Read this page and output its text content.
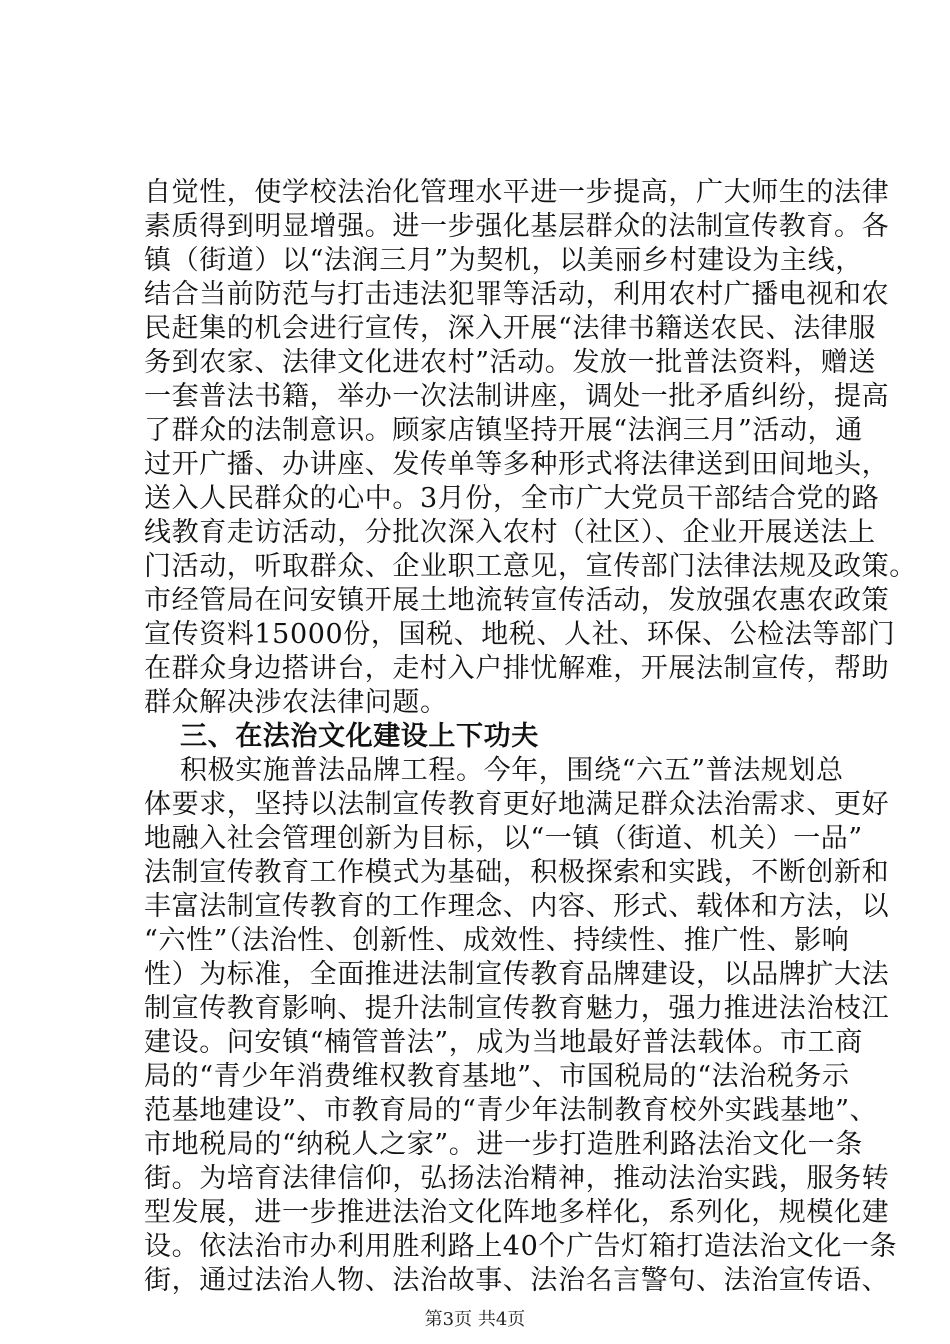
自觉性，使学校法治化管理水平进一步提高，广大师生的法律
素质得到明显增强。进一步强化基层群众的法制宣传教育。各
镇（街道）以“法润三月”为契机，以美丽乡村建设为主线，
结合当前防范与打击违法犯罪等活动，利用农村广播电视和农
民赶集的机会进行宣传，深入开展“法律书籍送农民、法律服
务到农家、法律文化进农村”活动。发放一批普法资料，赠送
一套普法书籍，举办一次法制讲座，调处一批矛盾纠纷，提高
了群众的法制意识。顾家店镇坚持开展“法润三月”活动，通
过开广播、办讲座、发传单等多种形式将法律送到田间地头，
送入人民群众的心中。3月份，全市广大党员干部结合党的路
线教育走访活动，分批次深入农村（社区）、企业开展送法上
门活动，听取群众、企业职工意见，宣传部门法律法规及政策。
市经管局在问安镇开展土地流转宣传活动，发放强农惠农政策
宣传资料15000份，国税、地税、人社、环保、公检法等部门
在群众身边搭讲台，走村入户排忧解难，开展法制宣传，帮助
群众解决涉农法律问题。
三、在法治文化建设上下功夫
积极实施普法品牌工程。今年，围绕“六五”普法规划总
体要求，坚持以法制宣传教育更好地满足群众法治需求、更好
地融入社会管理创新为目标，以“一镇（街道、机关）一品”
法制宣传教育工作模式为基础，积极探索和实践，不断创新和
丰富法制宣传教育的工作理念、内容、形式、载体和方法，以
“六性”（法治性、创新性、成效性、持续性、推广性、影响
性）为标准，全面推进法制宣传教育品牌建设，以品牌扩大法
制宣传教育影响、提升法制宣传教育魅力，强力推进法治枝江
建设。问安镇“楠管普法”，成为当地最好普法载体。市工商
局的“青少年消费维权教育基地”、市国税局的“法治税务示
范基地建设”、市教育局的“青少年法制教育校外实践基地”、
市地税局的“纳税人之家”。进一步打造胜利路法治文化一条
街。为培育法律信仰，弘扬法治精神，推动法治实践，服务转
型发展，进一步推进法治文化阵地多样化，系列化，规模化建
设。依法治市办利用胜利路上40个广告灯箱打造法治文化一条
街，通过法治人物、法治故事、法治名言警句、法治宣传语、
第3页 共4页
